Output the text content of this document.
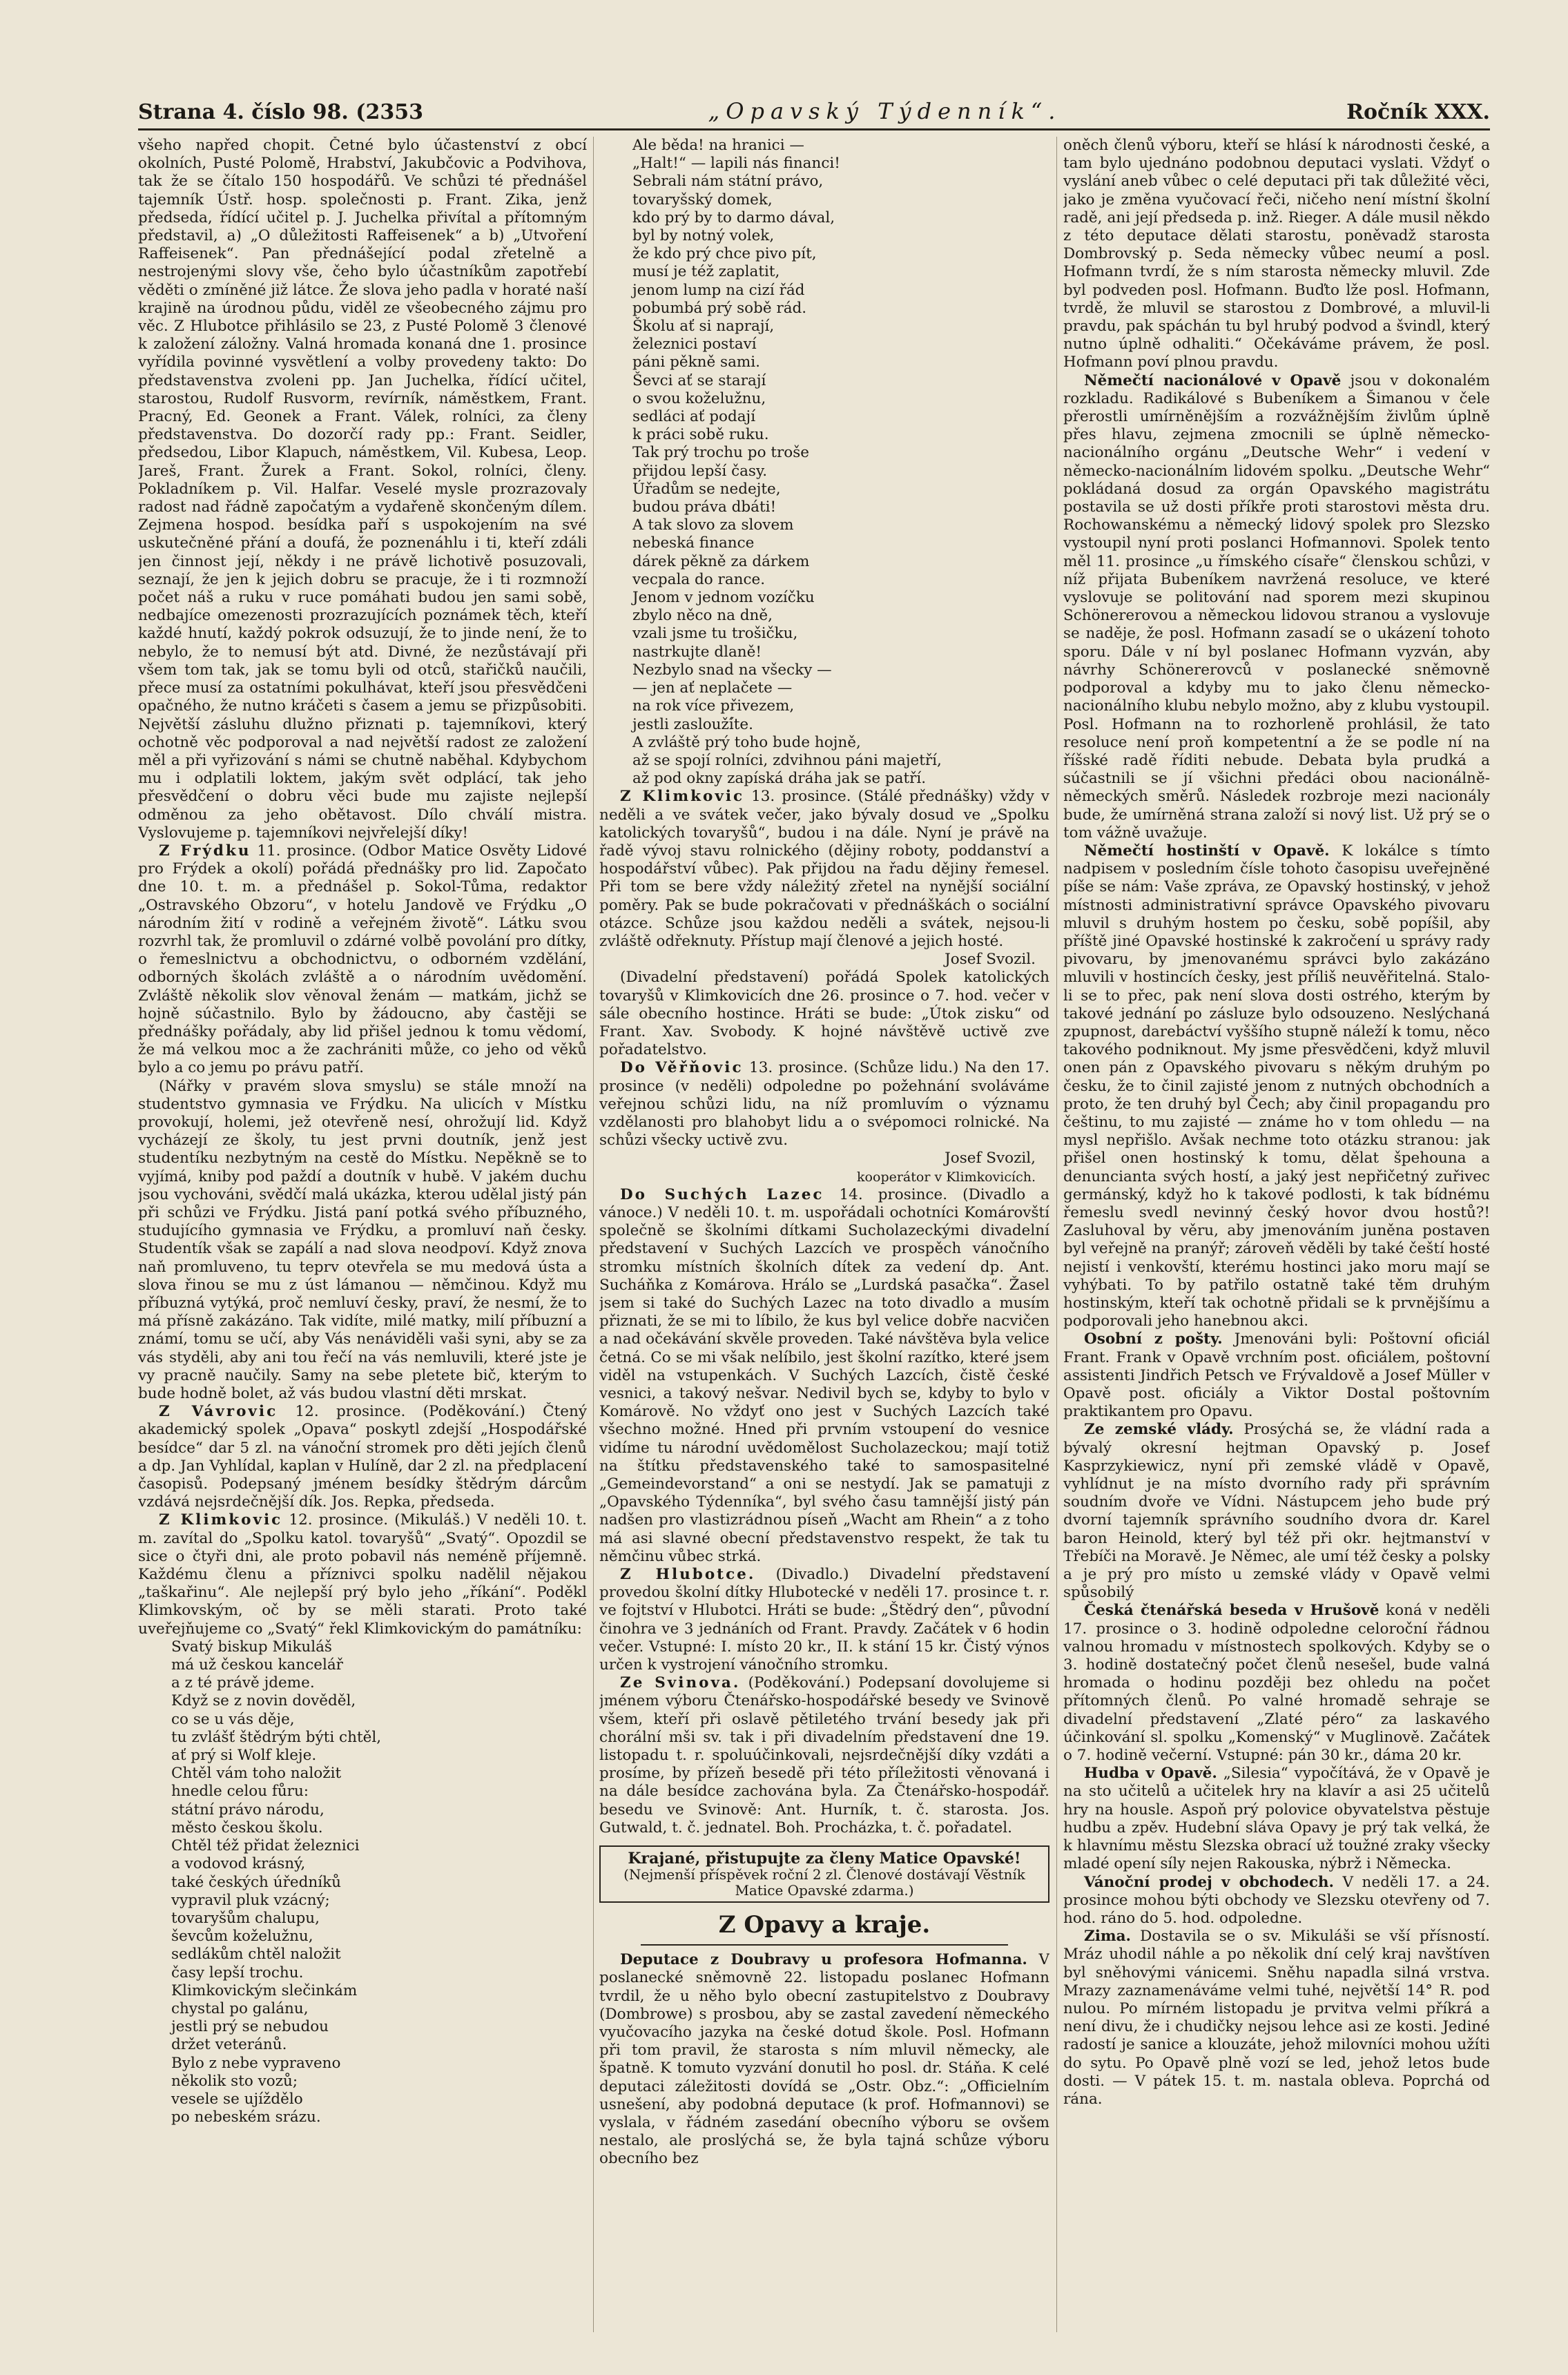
Strana 4. číslo 98. (2353	„Opavský Týdenník“.	Ročník XXX.

všeho napřed chopit. Četné bylo účastenství z obcí okolních, Pusté Polomě, Hrabství, Jakubčovic a Podvihova, tak že se čítalo 150 hospodářů. Ve schůzi té přednášel tajemník Ústř. hosp. společnosti p. Frant. Zika, jenž předseda, řídící učitel p. J. Juchelka přivítal a přítomným představil, a) „O důležitosti Raffeisenek“ a b) „Utvoření Raffeisenek“. Pan přednášející podal zřetelně a nestrojenými slovy vše, čeho bylo účastníkům zapotřebí věděti o zmíněné již látce. Že slova jeho padla v horaté naší krajině na úrodnou půdu, viděl ze všeobecného zájmu pro věc. Z Hlubotce přihlásilo se 23, z Pusté Polomě 3 členové k založení záložny. Valná hromada konaná dne 1. prosince vyřídila povinné vysvětlení a volby provedeny takto: Do představenstva zvoleni pp. Jan Juchelka, řídící učitel, starostou, Rudolf Rusvorm, revírník, náměstkem, Frant. Pracný, Ed. Geonek a Frant. Válek, rolníci, za členy představenstva. Do dozorčí rady pp.: Frant. Seidler, předsedou, Libor Klapuch, náměstkem, Vil. Kubesa, Leop. Jareš, Frant. Žurek a Frant. Sokol, rolníci, členy. Pokladníkem p. Vil. Halfar. Veselé mysle prozrazovaly radost nad řádně započatým a vydařeně skončeným dílem. Zejmena hospod. besídka paří s uspokojením na své uskutečněné přání a doufá, že poznenáhlu i ti, kteří zdáli jen činnost její, někdy i ne právě lichotivě posuzovali, seznají, že jen k jejich dobru se pracuje, že i ti rozmnoží počet náš a ruku v ruce pomáhati budou jen sami sobě, nedbajíce omezenosti prozrazujících poznámek těch, kteří každé hnutí, každý pokrok odsuzují, že to jinde není, že to nebylo, že to nemusí být atd. Divné, že nezůstávají při všem tom tak, jak se tomu byli od otců, stařičků naučili, přece musí za ostatními pokulhávat, kteří jsou přesvědčeni opačného, že nutno kráčeti s časem a jemu se přizpůsobiti. Největší zásluhu dlužno přiznati p. tajemníkovi, který ochotně věc podporoval a nad největší radost ze založení měl a při vyřizování s námi se chutně naběhal. Kdybychom mu i odplatili loktem, jakým svět odplácí, tak jeho přesvědčení o dobru věci bude mu zajiste nejlepší odměnou za jeho obětavost. Dílo chválí mistra. Vyslovujeme p. tajemníkovi nejvřelejší díky!

Z Frýdku 11. prosince. (Odbor Matice Osvěty Lidové pro Frýdek a okolí) pořádá přednášky pro lid. Započato dne 10. t. m. a přednášel p. Sokol-Tůma, redaktor „Ostravského Obzoru“, v hotelu Jandově ve Frýdku „O národním žití v rodině a veřejném životě“. Látku svou rozvrhl tak, že promluvil o zdárné volbě povolání pro dítky, o řemeslnictvu a obchodnictvu, o odborném vzdělání, odborných školách zvláště a o národním uvědomění. Zvláště několik slov věnoval ženám — matkám, jichž se hojně súčastnilo. Bylo by žádoucno, aby častěji se přednášky pořádaly, aby lid přišel jednou k tomu vědomí, že má velkou moc a že zachrániti může, co jeho od věků bylo a co jemu po právu patří.

(Nářky v pravém slova smyslu) se stále množí na studentstvo gymnasia ve Frýdku. Na ulicích v Místku provokují, holemi, jež otevřeně nesí, ohrožují lid. Když vycházejí ze školy, tu jest prvni doutník, jenž jest studentíku nezbytným na cestě do Místku. Nepěkně se to vyjímá, kniby pod paždí a doutník v hubě. V jakém duchu jsou vychováni, svědčí malá ukázka, kterou udělal jistý pán při schůzi ve Frýdku. Jistá paní potká svého příbuzného, studujícího gymnasia ve Frýdku, a promluví naň česky. Studentík však se zapálí a nad slova neodpoví. Když znova naň promluveno, tu teprv otevřela se mu medová ústa a slova řinou se mu z úst lámanou — němčinou. Když mu příbuzná vytýká, proč nemluví česky, praví, že nesmí, že to má přísně zakázáno. Tak vidíte, milé matky, milí příbuzní a známí, tomu se učí, aby Vás nenáviděli vaši syni, aby se za vás styděli, aby ani tou řečí na vás nemluvili, které jste je vy pracně naučily. Samy na sebe pletete bič, kterým to bude hodně bolet, až vás budou vlastní děti mrskat.

Z Vávrovic 12. prosince. (Poděkování.) Čtený akademický spolek „Opava“ poskytl zdejší „Hospodářské besídce“ dar 5 zl. na vánoční stromek pro děti jejích členů a dp. Jan Vyhlídal, kaplan v Hulíně, dar 2 zl. na předplacení časopisů. Podepsaný jménem besídky štědrým dárcům vzdává nejsrdečnější dík. Jos. Repka, předseda.

Z Klimkovic 12. prosince. (Mikuláš.) V neděli 10. t. m. zavítal do „Spolku katol. tovaryšů“ „Svatý“. Opozdil se sice o čtyři dni, ale proto pobavil nás neméně příjemně. Každému členu a příznivci spolku nadělil nějakou „taškařinu“. Ale nejlepší prý bylo jeho „říkání“. Poděkl Klimkovským, oč by se měli starati. Proto také uveřejňujeme co „Svatý“ řekl Klimkovickým do památníku:

Svatý biskup Mikuláš
má už českou kancelář
a z té právě jdeme.
Když se z novin dověděl,
co se u vás děje,
tu zvlášť štědrým býti chtěl,
ať prý si Wolf kleje.
Chtěl vám toho naložit
hnedle celou fůru:
státní právo národu,
město českou školu.
Chtěl též přidat železnici
a vodovod krásný,
také českých úředníků
vypravil pluk vzácný;
tovaryšům chalupu,
ševcům koželužnu,
sedlákům chtěl naložit
časy lepší trochu.
Klimkovickým slečinkám
chystal po galánu,
jestli prý se nebudou
držet veteránů.
Bylo z nebe vypraveno
několik sto vozů;
vesele se ujíždělo
po nebeském srázu.
Ale běda! na hranici —
„Halt!“ — lapili nás financi!
Sebrali nám státní právo,
tovaryšský domek,
kdo prý by to darmo dával,
byl by notný volek,
že kdo prý chce pivo pít,
musí je též zaplatit,
jenom lump na cizí řád
pobumbá prý sobě rád.
Školu ať si naprají,
železnici postaví
páni pěkně sami.
Ševci ať se starají
o svou koželužnu,
sedláci ať podají
k práci sobě ruku.
Tak prý trochu po troše
přijdou lepší časy.
Úřadům se nedejte,
budou práva dbáti!
A tak slovo za slovem
nebeská finance
dárek pěkně za dárkem
vecpala do rance.
Jenom v jednom vozíčku
zbylo něco na dně,
vzali jsme tu trošičku,
nastrkujte dlaně!
Nezbylo snad na všecky —
— jen ať neplačete —
na rok více přivezem,
jestli zaslouží́te.
A zvláště prý toho bude hojně,
až se spojí rolníci, zdvihnou páni majetří,
až pod okny zapíská dráha jak se patří.

Z Klimkovic 13. prosince. (Stálé přednášky) vždy v neděli a ve svátek večer, jako bývaly dosud ve „Spolku katolických tovaryšů“, budou i na dále. Nyní je právě na řadě vývoj stavu rolnického (dějiny roboty, poddanství a hospodářství vůbec). Pak přijdou na řadu dějiny řemesel. Při tom se bere vždy náležitý zřetel na nynější sociální poměry. Pak se bude pokračovati v přednáškách o sociální otázce. Schůze jsou každou neděli a svátek, nejsou-li zvláště odřeknuty. Přístup mají členové a jejich hosté.

Josef Svozil.

(Divadelní představení) pořádá Spolek katolických tovaryšů v Klimkovicích dne 26. prosince o 7. hod. večer v sále obecního hostince. Hráti se bude: „Útok zisku“ od Frant. Xav. Svobody. K hojné návštěvě uctivě zve pořadatelstvo.

Do Věřňovic 13. prosince. (Schůze lidu.) Na den 17. prosince (v neděli) odpoledne po požehnání svoláváme veřejnou schůzi lidu, na níž promluvím o významu vzdělanosti pro blahobyt lidu a o svépomoci rolnické. Na schůzi všecky uctivě zvu.

Josef Svozil,
kooperátor v Klimkovicích.

Do Suchých Lazec 14. prosince. (Divadlo a vánoce.) V neděli 10. t. m. uspořádali ochotníci Komárovští společně se školními dítkami Sucholazeckými divadelní představení v Suchých Lazcích ve prospěch vánočního stromku místních školních dítek za vedení dp. Ant. Sucháňka z Komárova. Hrálo se „Lurdská pasačka“. Žasel jsem si také do Suchých Lazec na toto divadlo a musím přiznati, že se mi to líbilo, že kus byl velice dobře nacvičen a nad očekávání skvěle proveden. Také návštěva byla velice četná. Co se mi však nelíbilo, jest školní razítko, které jsem viděl na vstupenkách. V Suchých Lazcích, čistě české vesnici, a takový nešvar. Nedivil bych se, kdyby to bylo v Komárově. No vždyť ono jest v Suchých Lazcích také všechno možné. Hned při prvním vstoupení do vesnice vidíme tu národní uvědomělost Sucholazeckou; mají totiž na štítku představenského také to samospasitelné „Gemeindevorstand“ a oni se nestydí. Jak se pamatuji z „Opavského Týdenníka“, byl svého času tamnější jistý pán nadšen pro vlastizrádnou píseň „Wacht am Rhein“ a z toho má asi slavné obecní představenstvo respekt, že tak tu němčinu vůbec strká.

Z Hlubotce. (Divadlo.) Divadelní představení provedou školní dítky Hlubotecké v neděli 17. prosince t. r. ve fojtství v Hlubotci. Hráti se bude: „Štědrý den“, původní činohra ve 3 jednáních od Frant. Pravdy. Začátek v 6 hodin večer. Vstupné: I. místo 20 kr., II. k stání 15 kr. Čistý výnos určen k vystrojení vánočního stromku.

Ze Svinova. (Poděkování.) Podepsaní dovolujeme si jménem výboru Čtenářsko-hospodářské besedy ve Svinově všem, kteří při oslavě pětiletého trvání besedy jak při chorální mši sv. tak i při divadelním představení dne 19. listopadu t. r. spoluúčinkovali, nejsrdečnější díky vzdáti a prosíme, by přízeň besedě při této příležitosti věnovaná i na dále besídce zachována byla. Za Čtenářsko-hospodář. besedu ve Svinově: Ant. Hurník, t. č. starosta. Jos. Gutwald, t. č. jednatel. Boh. Procházka, t. č. pořadatel.

Krajané, přistupujte za členy Matice Opavské!
(Nejmenší příspěvek roční 2 zl. Členové dostávají Věstník Matice Opavské zdarma.)
Z Opavy a kraje.

Deputace z Doubravy u profesora Hofmanna. V poslanecké sněmovně 22. listopadu poslanec Hofmann tvrdil, že u něho bylo obecní zastupitelstvo z Doubravy (Dombrowe) s prosbou, aby se zastal zavedení německého vyučovacího jazyka na české dotud škole. Posl. Hofmann při tom pravil, že starosta s ním mluvil německy, ale špatně. K tomuto vyzvání donutil ho posl. dr. Stáňa. K celé deputaci záležitosti dovídá se „Ostr. Obz.“: „Officielním usnešení, aby podobná deputace (k prof. Hofmannovi) se vyslala, v řádném zasedání obecního výboru se ovšem nestalo, ale proslýchá se, že byla tajná schůze výboru obecního bez

oněch členů výboru, kteří se hlásí k národnosti české, a tam bylo ujednáno podobnou deputaci vyslati. Vždyť o vyslání aneb vůbec o celé deputaci při tak důležité věci, jako je změna vyučovací řeči, ničeho není místní školní radě, ani její předseda p. inž. Rieger. A dále musil někdo z této deputace dělati starostu, poněvadž starosta Dombrovský p. Seda německy vůbec neumí a posl. Hofmann tvrdí, že s ním starosta německy mluvil. Zde byl podveden posl. Hofmann. Buďto lže posl. Hofmann, tvrdě, že mluvil se starostou z Dombrové, a mluvil-li pravdu, pak spáchán tu byl hrubý podvod a švindl, který nutno úplně odhaliti.“ Očekáváme právem, že posl. Hofmann poví plnou pravdu.

Němečtí nacionálové v Opavě jsou v dokonalém rozkladu. Radikálové s Bubeníkem a Šimanou v čele přerostli umírněnějším a rozvážnějším živlům úplně přes hlavu, zejmena zmocnili se úplně německo-nacionálního orgánu „Deutsche Wehr“ i vedení v německo-nacionálním lidovém spolku. „Deutsche Wehr“ pokládaná dosud za orgán Opavského magistrátu postavila se už dosti příkře proti starostovi města dru. Rochowanskému a německý lidový spolek pro Slezsko vystoupil nyní proti poslanci Hofmannovi. Spolek tento měl 11. prosince „u římského císaře“ členskou schůzi, v níž přijata Bubeníkem navržená resoluce, ve které vyslovuje se politování nad sporem mezi skupinou Schönererovou a německou lidovou stranou a vyslovuje se naděje, že posl. Hofmann zasadí se o ukázení tohoto sporu. Dále v ní byl poslanec Hofmann vyzván, aby návrhy Schönererovců v poslanecké sněmovně podporoval a kdyby mu to jako členu německo-nacionálního klubu nebylo možno, aby z klubu vystoupil. Posl. Hofmann na to rozhorleně prohlásil, že tato resoluce není proň kompetentní a že se podle ní na říšské radě říditi nebude. Debata byla prudká a súčastnili se jí všichni předáci obou nacionálně-německých směrů. Následek rozbroje mezi nacionály bude, že umírněná strana založí si nový list. Už prý se o tom vážně uvažuje.

Němečtí hostinští v Opavě. K lokálce s tímto nadpisem v posledním čísle tohoto časopisu uveřejněné píše se nám: Vaše zpráva, ze Opavský hostinský, v jehož místnosti administrativní správce Opavského pivovaru mluvil s druhým hostem po česku, sobě popíšil, aby příště jiné Opavské hostinské k zakročení u správy rady pivovaru, by jmenovanému správci bylo zakázáno mluvili v hostincích česky, jest příliš neuvěřitelná. Stalo-li se to přec, pak není slova dosti ostrého, kterým by takové jednání po zásluze bylo odsouzeno. Neslýchaná zpupnost, darebáctví vyššího stupně náleží k tomu, něco takového podniknout. My jsme přesvědčeni, když mluvil onen pán z Opavského pivovaru s někým druhým po česku, že to činil zajisté jenom z nutných obchodních a proto, že ten druhý byl Čech; aby činil propagandu pro češtinu, to mu zajisté — známe ho v tom ohledu — na mysl nepřišlo. Avšak nechme toto otázku stranou: jak přišel onen hostinský k tomu, dělat špehouna a denuncianta svých hostí, a jaký jest nepřičetný zuřivec germánský, když ho k takové podlosti, k tak bídnému řemeslu svedl nevinný český hovor dvou hostů?! Zasluhoval by věru, aby jmenováním juněna postaven byl veřejně na pranýř; zároveň věděli by také čeští hosté nejistí i venkovští, kterému hostinci jako moru mají se vyhýbati. To by patřilo ostatně také těm druhým hostinským, kteří tak ochotně přidali se k prvnějšímu a podporovali jeho hanebnou akci.

Osobní z pošty. Jmenováni byli: Poštovní oficiál Frant. Frank v Opavě vrchním post. oficiálem, poštovní assistenti Jindřich Petsch ve Frývaldově a Josef Müller v Opavě post. oficiály a Viktor Dostal poštovním praktikantem pro Opavu.

Ze zemské vlády. Prosýchá se, že vládní rada a bývalý okresní hejtman Opavský p. Josef Kasprzykiewicz, nyní při zemské vládě v Opavě, vyhlídnut je na místo dvorního rady při správním soudním dvoře ve Vídni. Nástupcem jeho bude prý dvorní tajemník správního soudního dvora dr. Karel baron Heinold, který byl též při okr. hejtmanství v Třebíči na Moravě. Je Němec, ale umí též česky a polsky a je prý pro místo u zemské vlády v Opavě velmi spůsobilý

Česká čtenářská beseda v Hrušově koná v neděli 17. prosince o 3. hodině odpoledne celoroční řádnou valnou hromadu v místnostech spolkových. Kdyby se o 3. hodině dostatečný počet členů nesešel, bude valná hromada o hodinu později bez ohledu na počet přítomných členů. Po valné hromadě sehraje se divadelní představení „Zlaté péro“ za laskavého účinkování sl. spolku „Komenský“ v Muglinově. Začátek o 7. hodině večerní. Vstupné: pán 30 kr., dáma 20 kr.

Hudba v Opavě. „Silesia“ vypočítává, že v Opavě je na sto učitelů a učitelek hry na klavír a asi 25 učitelů hry na housle. Aspoň prý polovice obyvatelstva pěstuje hudbu a zpěv. Hudební sláva Opavy je prý tak velká, že k hlavnímu městu Slezska obrací už toužné zraky všecky mladé opení síly nejen Rakouska, nýbrž i Německa.

Vánoční prodej v obchodech. V neděli 17. a 24. prosince mohou býti obchody ve Slezsku otevřeny od 7. hod. ráno do 5. hod. odpoledne.

Zima. Dostavila se o sv. Mikuláši se vší přísností. Mráz uhodil náhle a po několik dní celý kraj navštíven byl sněhovými vánicemi. Sněhu napadla silná vrstva. Mrazy zaznamenáváme velmi tuhé, největší 14° R. pod nulou. Po mírném listopadu je prvitva velmi příkrá a není divu, že i chudičky nejsou lehce asi ze kosti. Jediné radostí je sanice a klouzáte, jehož milovníci mohou užíti do sytu. Po Opavě plně vozí se led, jehož letos bude dosti. — V pátek 15. t. m. nastala obleva. Poprchá od rána.
